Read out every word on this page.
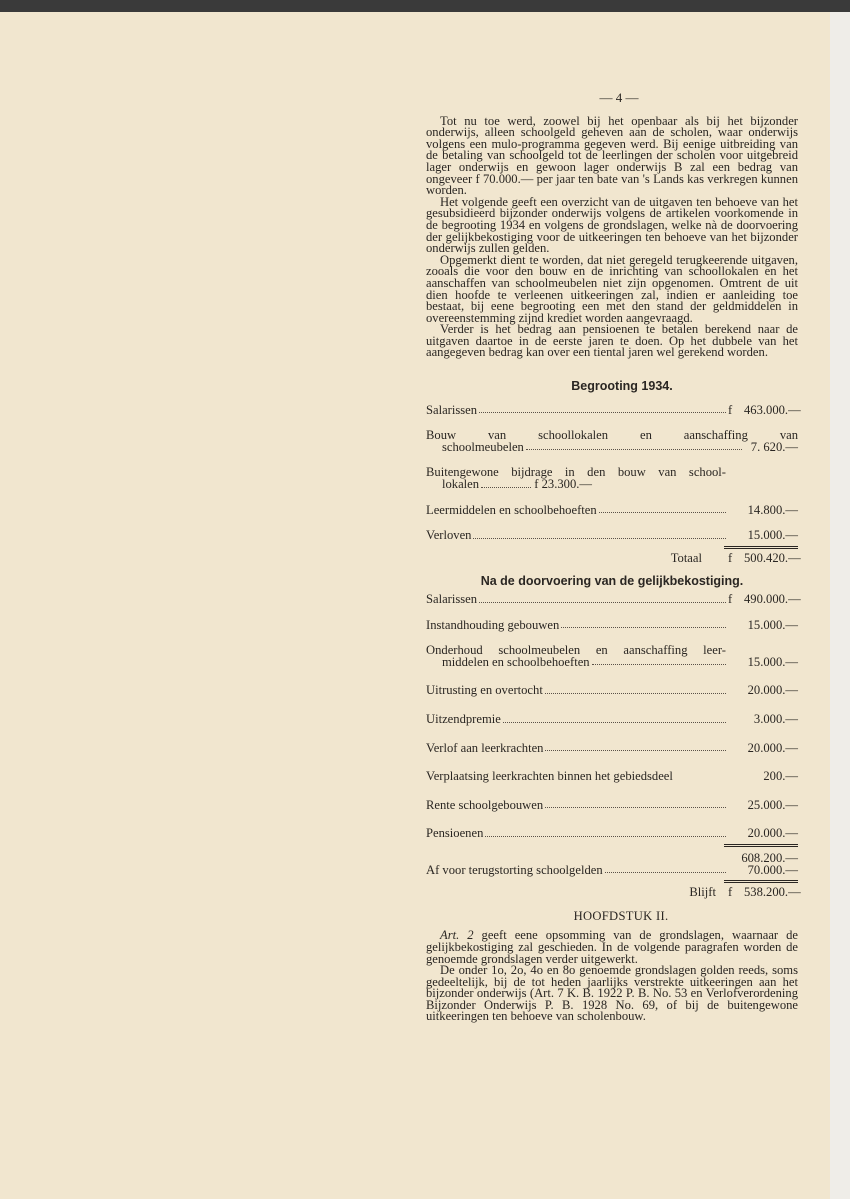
— 4 —

Tot nu toe werd, zoowel bij het openbaar als bij het bijzonder onderwijs, alleen schoolgeld geheven aan de scholen, waar onderwijs volgens een mulo-programma gegeven werd. Bij eenige uitbreiding van de betaling van schoolgeld tot de leerlingen der scholen voor uitgebreid lager onderwijs en gewoon lager onderwijs B zal een bedrag van ongeveer f 70.000.— per jaar ten bate van 's Lands kas verkregen kunnen worden.

Het volgende geeft een overzicht van de uitgaven ten behoeve van het gesubsidieerd bijzonder onderwijs volgens de artikelen voorkomende in de begrooting 1934 en volgens de grondslagen, welke nà de doorvoering der gelijkbekostiging voor de uitkeeringen ten behoeve van het bijzonder onderwijs zullen gelden.

Opgemerkt dient te worden, dat niet geregeld terugkeerende uitgaven, zooals die voor den bouw en de inrichting van schoollokalen en het aanschaffen van schoolmeubelen niet zijn opgenomen. Omtrent de uit dien hoofde te verleenen uitkeeringen zal, indien er aanleiding toe bestaat, bij eene begrooting een met den stand der geldmiddelen in overeenstemming zijnd krediet worden aangevraagd.

Verder is het bedrag aan pensioenen te betalen berekend naar de uitgaven daartoe in de eerste jaren te doen. Op het dubbele van het aangegeven bedrag kan over een tiental jaren wel gerekend worden.

Begrooting 1934.
Salarissen	f 463.000.—
Bouw van schoollokalen en aanschaffing van
schoolmeubelen	7. 620.—
Buitengewone bijdrage in den bouw van school-
lokalen	f 23.300.—
Leermiddelen en schoolbehoeften	14.800.—
Verloven	15.000.—
Totaal f 500.420.—
Na de doorvoering van de gelijkbekostiging.
Salarissen	f 490.000.—
Instandhouding gebouwen	15.000.—
Onderhoud schoolmeubelen en aanschaffing leer-
middelen en schoolbehoeften	15.000.—
Uitrusting en overtocht	20.000.—
Uitzendpremie	3.000.—
Verlof aan leerkrachten	20.000.—
Verplaatsing leerkrachten binnen het gebiedsdeel	200.—
Rente schoolgebouwen	25.000.—
Pensioenen	20.000.—
608.200.—
Af voor terugstorting schoolgelden	70.000.—
Blijft f 538.200.—
HOOFDSTUK II.

Art. 2 geeft eene opsomming van de grondslagen, waarnaar de gelijkbekostiging zal geschieden. In de volgende paragrafen worden de genoemde grondslagen verder uitgewerkt.

De onder 1o, 2o, 4o en 8o genoemde grondslagen golden reeds, soms gedeeltelijk, bij de tot heden jaarlijks verstrekte uitkeeringen aan het bijzonder onderwijs (Art. 7 K. B. 1922 P. B. No. 53 en Verlofverordening Bijzonder Onderwijs P. B. 1928 No. 69, of bij de buitengewone uitkeeringen ten behoeve van scholenbouw.
